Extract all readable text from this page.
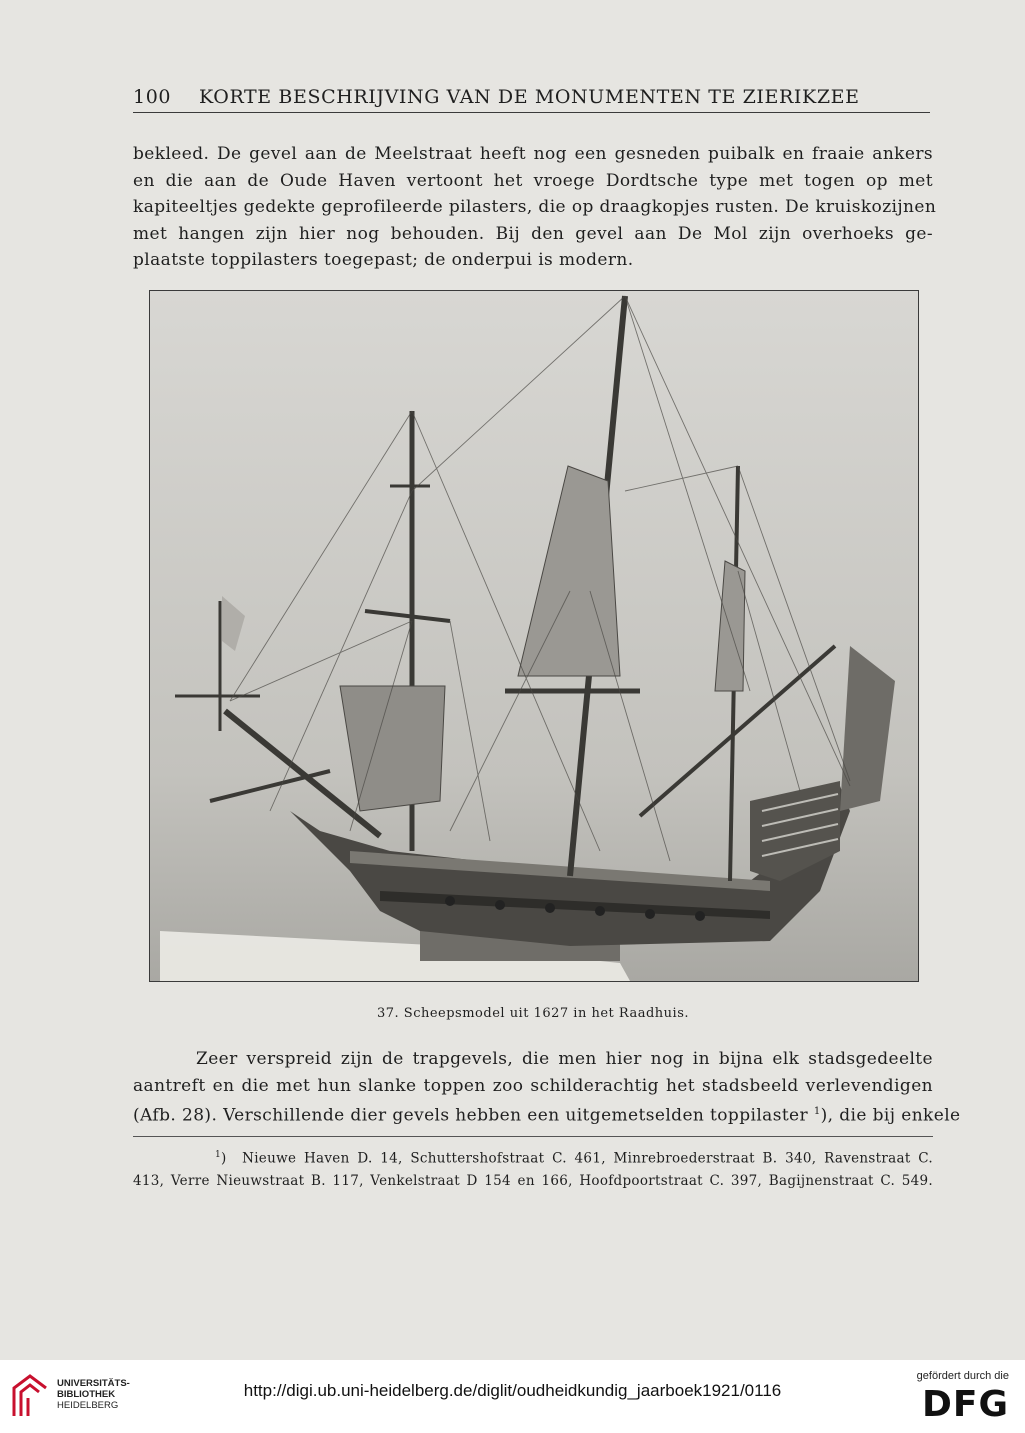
100 KORTE BESCHRIJVING VAN DE MONUMENTEN TE ZIERIKZEE
bekleed. De gevel aan de Meelstraat heeft nog een gesneden puibalk en fraaie ankers
en die aan de Oude Haven vertoont het vroege Dordtsche type met togen op met
kapiteeltjes gedekte geprofileerde pilasters, die op draagkopjes rusten. De kruiskozijnen
met hangen zijn hier nog behouden. Bij den gevel aan De Mol zijn overhoeks ge-
plaatste toppilasters toegepast; de onderpui is modern.
37. Scheepsmodel uit 1627 in het Raadhuis.
Zeer verspreid zijn de trapgevels, die men hier nog in bijna elk stadsgedeelte
aantreft en die met hun slanke toppen zoo schilderachtig het stadsbeeld verlevendigen
(Afb. 28). Verschillende dier gevels hebben een uitgemetselden toppilaster $^1$), die bij enkele
$^1$) Nieuwe Haven D. 14, Schuttershofstraat C. 461, Minrebroederstraat B. 340, Ravenstraat C.
413, Verre Nieuwstraat B. 117, Venkelstraat D 154 en 166, Hoofdpoortstraat C. 397, Bagijnenstraat C. 549.
UNIVERSITÄTS-
BIBLIOTHEK
HEIDELBERG
http://digi.ub.uni-heidelberg.de/diglit/oudheidkundig_jaarboek1921/0116
gefördert durch die
DFG
